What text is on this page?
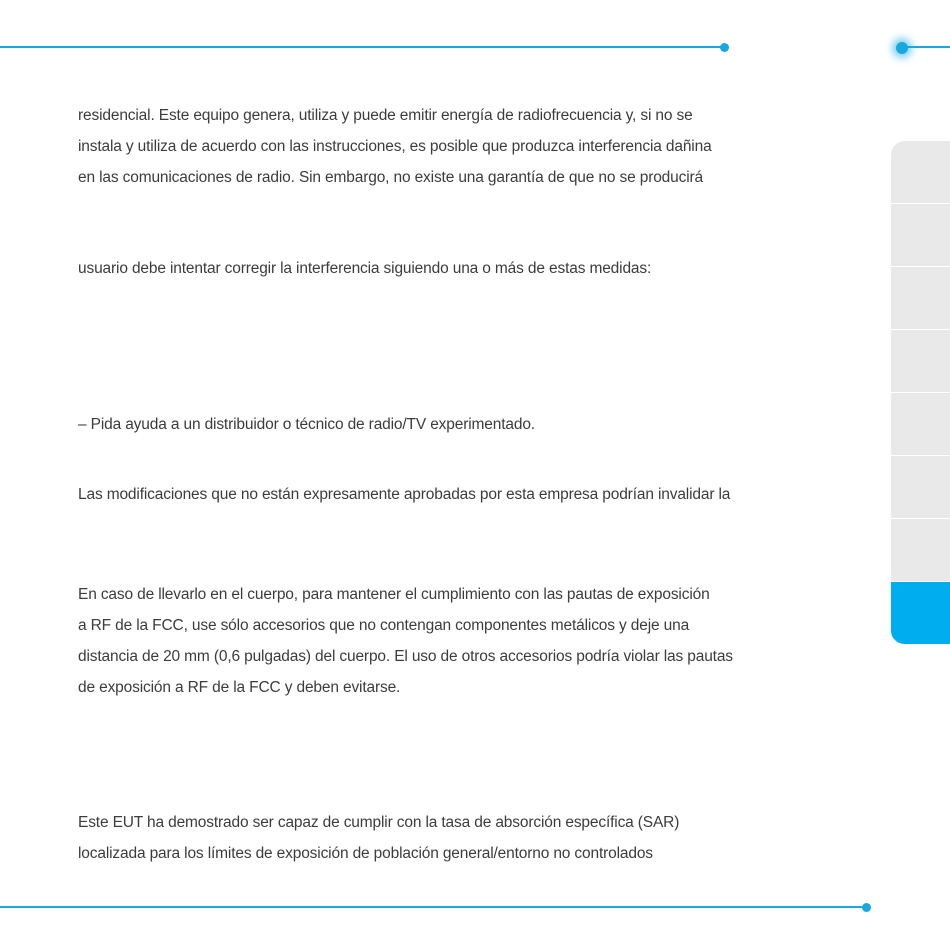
residencial. Este equipo genera, utiliza y puede emitir energía de radiofrecuencia y, si no se

instala y utiliza de acuerdo con las instrucciones, es posible que produzca interferencia dañina

en las comunicaciones de radio. Sin embargo, no existe una garantía de que no se producirá

usuario debe intentar corregir la interferencia siguiendo una o más de estas medidas:

– Pida ayuda a un distribuidor o técnico de radio/TV experimentado.

Las modificaciones que no están expresamente aprobadas por esta empresa podrían invalidar la

En caso de llevarlo en el cuerpo, para mantener el cumplimiento con las pautas de exposición

a RF de la FCC, use sólo accesorios que no contengan componentes metálicos y deje una

distancia de 20 mm (0,6 pulgadas) del cuerpo. El uso de otros accesorios podría violar las pautas

de exposición a RF de la FCC y deben evitarse.

Este EUT ha demostrado ser capaz de cumplir con la tasa de absorción específica (SAR)

localizada para los límites de exposición de población general/entorno no controlados
